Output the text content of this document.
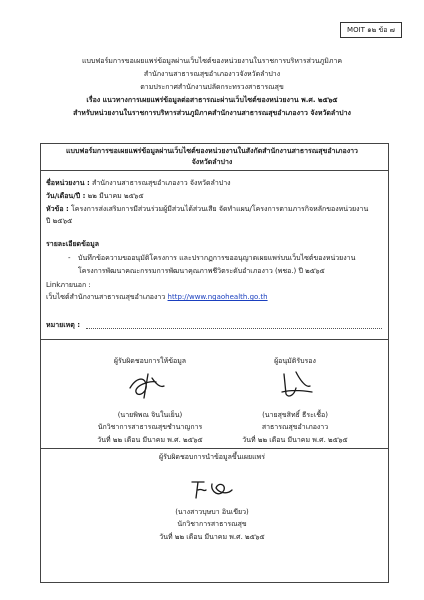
MOIT ๑๒ ข้อ ๗
แบบฟอร์มการขอเผยแพร่ข้อมูลผ่านเว็บไซต์ของหน่วยงานในราชการบริหารส่วนภูมิภาค
สำนักงานสาธารณสุขอำเภองาวจังหวัดลำปาง
ตามประกาศสำนักงานปลัดกระทรวงสาธารณสุข
เรื่อง แนวทางการเผยแพร่ข้อมูลต่อสาธารณะผ่านเว็บไซต์ของหน่วยงาน พ.ศ. ๒๕๖๕
สำหรับหน่วยงานในราชการบริหารส่วนภูมิภาคสำนักงานสาธารณสุขอำเภองาว จังหวัดลำปาง
แบบฟอร์มการขอเผยแพร่ข้อมูลผ่านเว็บไซต์ของหน่วยงานในสังกัดสำนักงานสาธารณสุขอำเภองาว
จังหวัดลำปาง
ชื่อหน่วยงาน : สำนักงานสาธารณสุขอำเภองาว จังหวัดลำปาง
วัน/เดือน/ปี : ๒๒ มีนาคม ๒๕๖๕
หัวข้อ : โครงการส่งเสริมการมีส่วนร่วมผู้มีส่วนได้ส่วนเสีย จัดทำแผน/โครงการตามภารกิจหลักของหน่วยงาน
ปี ๒๕๖๕
รายละเอียดข้อมูล
- บันทึกข้อความขออนุมัติโครงการ และปรากฏการขออนุญาตเผยแพร่บนเว็บไซต์ของหน่วยงาน
โครงการพัฒนาคณะกรรมการพัฒนาคุณภาพชีวิตระดับอำเภองาว (พชอ.) ปี ๒๕๖๕
Linkภายนอก :
เว็บไซต์สำนักงานสาธารณสุขอำเภองาว http://www.ngaohealth.go.th
หมายเหตุ :
ผู้รับผิดชอบการให้ข้อมูล
(นายพิพณ จินในเย็น)
นักวิชาการสาธารณสุขชำนาญการ
วันที่ ๒๒ เดือน มีนาคม พ.ศ. ๒๕๖๕
ผู้อนุมัติรับรอง
(นายสุขสิทธิ์ ธีระเชื้อ)
สาธารณสุขอำเภองาว
วันที่ ๒๒ เดือน มีนาคม พ.ศ. ๒๕๖๕
ผู้รับผิดชอบการนำข้อมูลขึ้นเผยแพร่
(นางสาวบุษบา อินเขียว)
นักวิชาการสาธารณสุข
วันที่ ๒๒ เดือน มีนาคม พ.ศ. ๒๕๖๕
